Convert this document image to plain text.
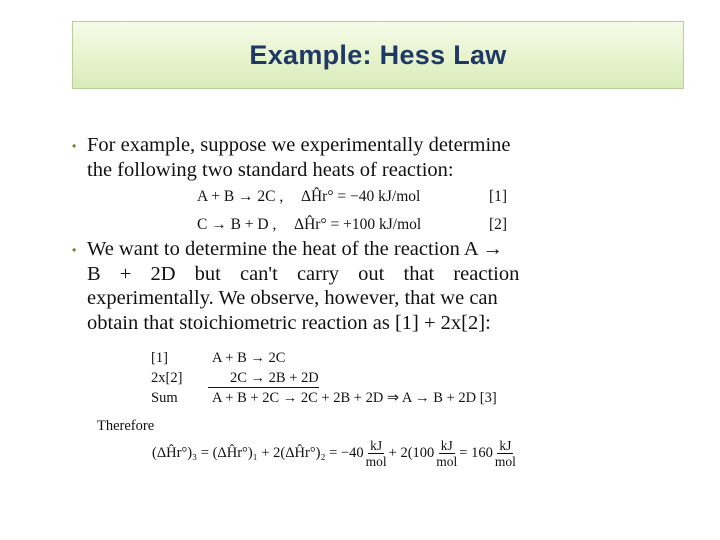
Example: Hess Law
• For example, suppose we experimentally determine
the following two standard heats of reaction:
A + B → 2C , ΔĤr° = −40 kJ/mol	[1]
C → B + D , ΔĤr° = +100 kJ/mol	[2]
• We want to determine the heat of the reaction A →
B + 2D but can't carry out that reaction
experimentally. We observe, however, that we can
obtain that stoichiometric reaction as [1] + 2x[2]:
[1]	A + B → 2C
2x[2]	2C → 2B + 2D
Sum A + B + 2C → 2C + 2B + 2D ⇒ A → B + 2D [3]
Therefore
(ΔĤr°)₃ = (ΔĤr°)₁ + 2(ΔĤr°)₂ = $-40 \frac{kJ}{\text{mol}} + 2(100 \frac{kJ}{\text{mol}} = 160 \frac{kJ}{\text{mol}}$
